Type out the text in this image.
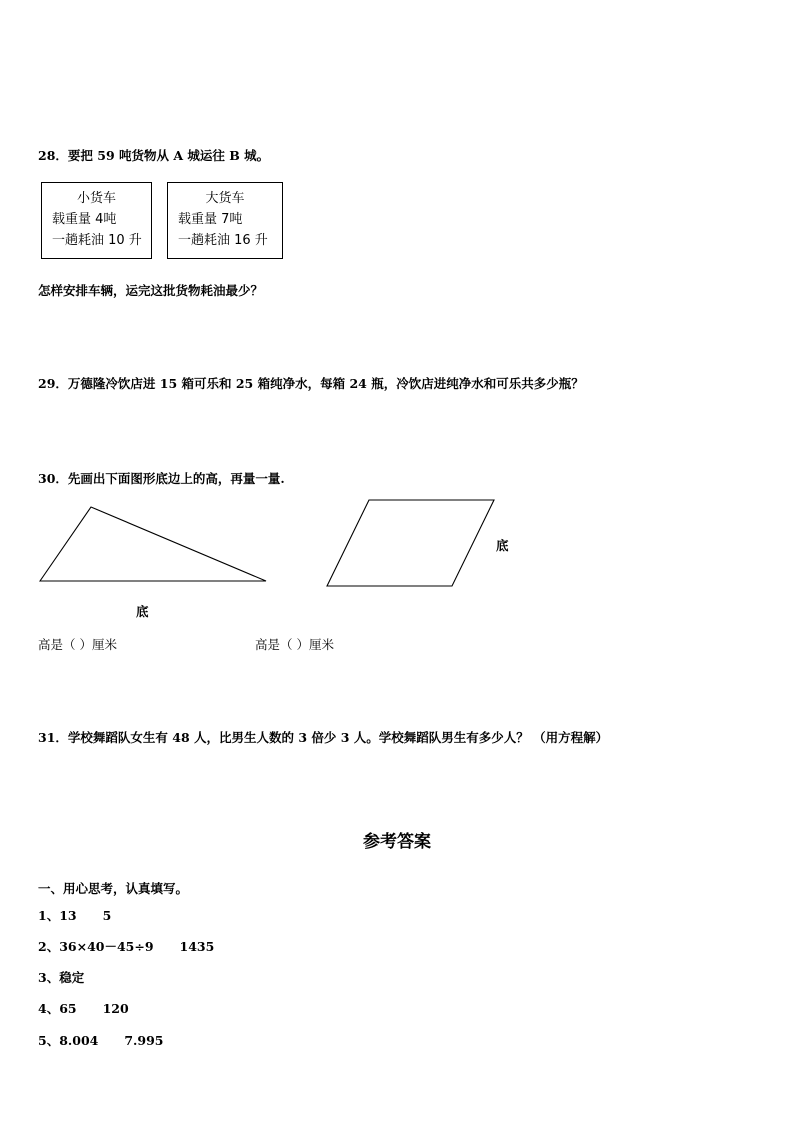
28．要把 59 吨货物从 A 城运往 B 城。
小货车
载重量 4吨
一趟耗油 10 升
大货车
载重量 7吨
一趟耗油 16 升
怎样安排车辆，运完这批货物耗油最少？
29．万德隆冷饮店进 15 箱可乐和 25 箱纯净水，每箱 24 瓶，冷饮店进纯净水和可乐共多少瓶？
30．先画出下面图形底边上的高，再量一量.
底
底
高是（ ）厘米	高是（ ）厘米
31．学校舞蹈队女生有 48 人，比男生人数的 3 倍少 3 人。学校舞蹈队男生有多少人？ （用方程解）
参考答案
一、用心思考，认真填写。
1、13 5
2、36×40－45÷9 1435
3、稳定
4、65 120
5、8.004 7.995
